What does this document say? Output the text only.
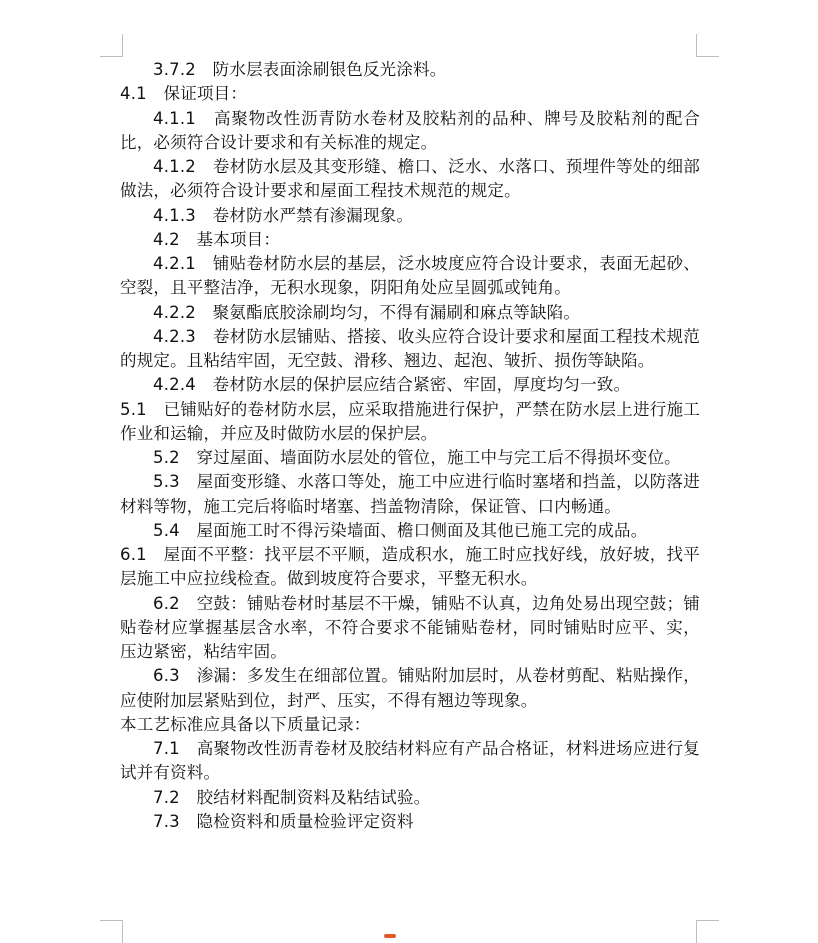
3.7.2　防水层表面涂刷银色反光涂料。

4.1　保证项目：

4.1.1　高聚物改性沥青防水卷材及胶粘剂的品种、牌号及胶粘剂的配合比，必须符合设计要求和有关标准的规定。

4.1.2　卷材防水层及其变形缝、檐口、泛水、水落口、预埋件等处的细部做法，必须符合设计要求和屋面工程技术规范的规定。

4.1.3　卷材防水严禁有渗漏现象。

4.2　基本项目：

4.2.1　铺贴卷材防水层的基层，泛水坡度应符合设计要求，表面无起砂、空裂，且平整洁净，无积水现象，阴阳角处应呈圆弧或钝角。

4.2.2　聚氨酯底胶涂刷均匀，不得有漏刷和麻点等缺陷。

4.2.3　卷材防水层铺贴、搭接、收头应符合设计要求和屋面工程技术规范的规定。且粘结牢固，无空鼓、滑移、翘边、起泡、皱折、损伤等缺陷。

4.2.4　卷材防水层的保护层应结合紧密、牢固，厚度均匀一致。

5.1　已铺贴好的卷材防水层，应采取措施进行保护，严禁在防水层上进行施工作业和运输，并应及时做防水层的保护层。

5.2　穿过屋面、墙面防水层处的管位，施工中与完工后不得损坏变位。

5.3　屋面变形缝、水落口等处，施工中应进行临时塞堵和挡盖，以防落进材料等物，施工完后将临时堵塞、挡盖物清除，保证管、口内畅通。

5.4　屋面施工时不得污染墙面、檐口侧面及其他已施工完的成品。

6.1　屋面不平整：找平层不平顺，造成积水，施工时应找好线，放好坡，找平层施工中应拉线检查。做到坡度符合要求，平整无积水。

6.2　空鼓：铺贴卷材时基层不干燥，铺贴不认真，边角处易出现空鼓；铺贴卷材应掌握基层含水率，不符合要求不能铺贴卷材，同时铺贴时应平、实，压边紧密，粘结牢固。

6.3　渗漏：多发生在细部位置。铺贴附加层时，从卷材剪配、粘贴操作，应使附加层紧贴到位，封严、压实，不得有翘边等现象。

本工艺标准应具备以下质量记录：

7.1　高聚物改性沥青卷材及胶结材料应有产品合格证，材料进场应进行复试并有资料。

7.2　胶结材料配制资料及粘结试验。

7.3　隐检资料和质量检验评定资料
